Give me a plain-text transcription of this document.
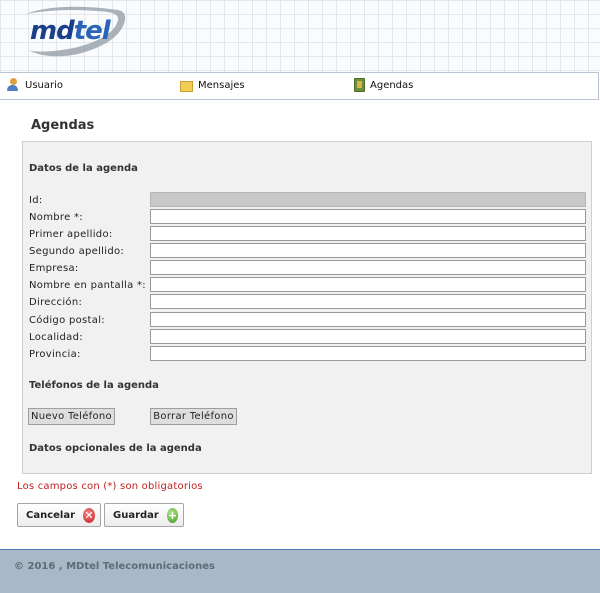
mdtel
Usuario	Mensajes	Agendas
Agendas
Datos de la agenda
Id:
Nombre *:
Primer apellido:
Segundo apellido:
Empresa:
Nombre en pantalla *:
Dirección:
Código postal:
Localidad:
Provincia:
Teléfonos de la agenda
Nuevo Teléfono	Borrar Teléfono
Datos opcionales de la agenda
Los campos con (*) son obligatorios
Cancelar ✕ Guardar +
© 2016 , MDtel Telecomunicaciones
